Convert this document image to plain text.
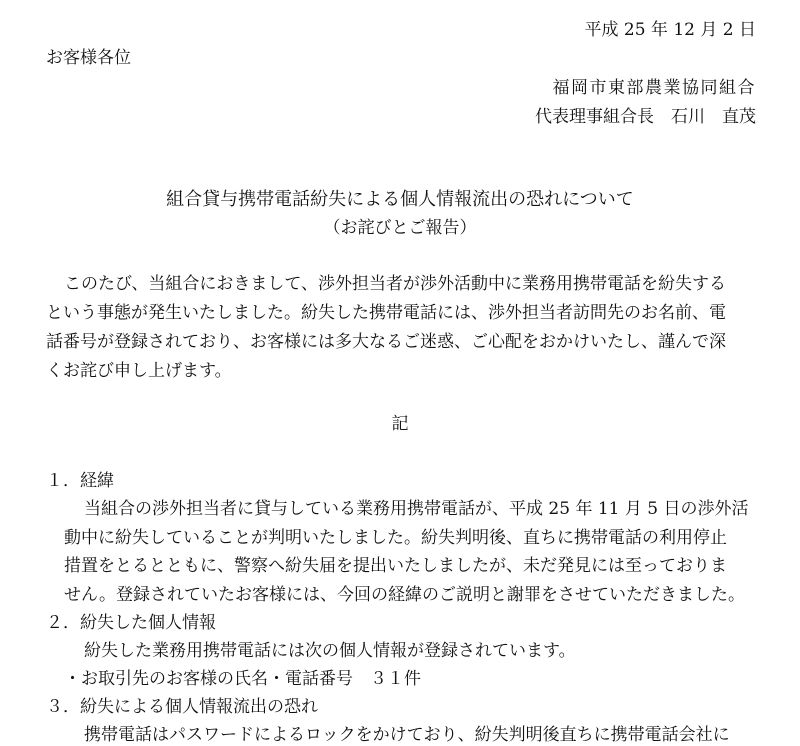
平成 25 年 12 月 2 日
お客様各位
福岡市東部農業協同組合
代表理事組合長　石川　直茂
組合貸与携帯電話紛失による個人情報流出の恐れについて
（お詫びとご報告）
このたび、当組合におきまして、渉外担当者が渉外活動中に業務用携帯電話を紛失する
という事態が発生いたしました。紛失した携帯電話には、渉外担当者訪問先のお名前、電
話番号が登録されており、お客様には多大なるご迷惑、ご心配をおかけいたし、謹んで深
くお詫び申し上げます。
記
１．経緯
当組合の渉外担当者に貸与している業務用携帯電話が、平成 25 年 11 月 5 日の渉外活
動中に紛失していることが判明いたしました。紛失判明後、直ちに携帯電話の利用停止
措置をとるとともに、警察へ紛失届を提出いたしましたが、未だ発見には至っておりま
せん。登録されていたお客様には、今回の経緯のご説明と謝罪をさせていただきました。
２．紛失した個人情報
紛失した業務用携帯電話には次の個人情報が登録されています。
・お取引先のお客様の氏名・電話番号　３１件
３．紛失による個人情報流出の恐れ
携帯電話はパスワードによるロックをかけており、紛失判明後直ちに携帯電話会社に
